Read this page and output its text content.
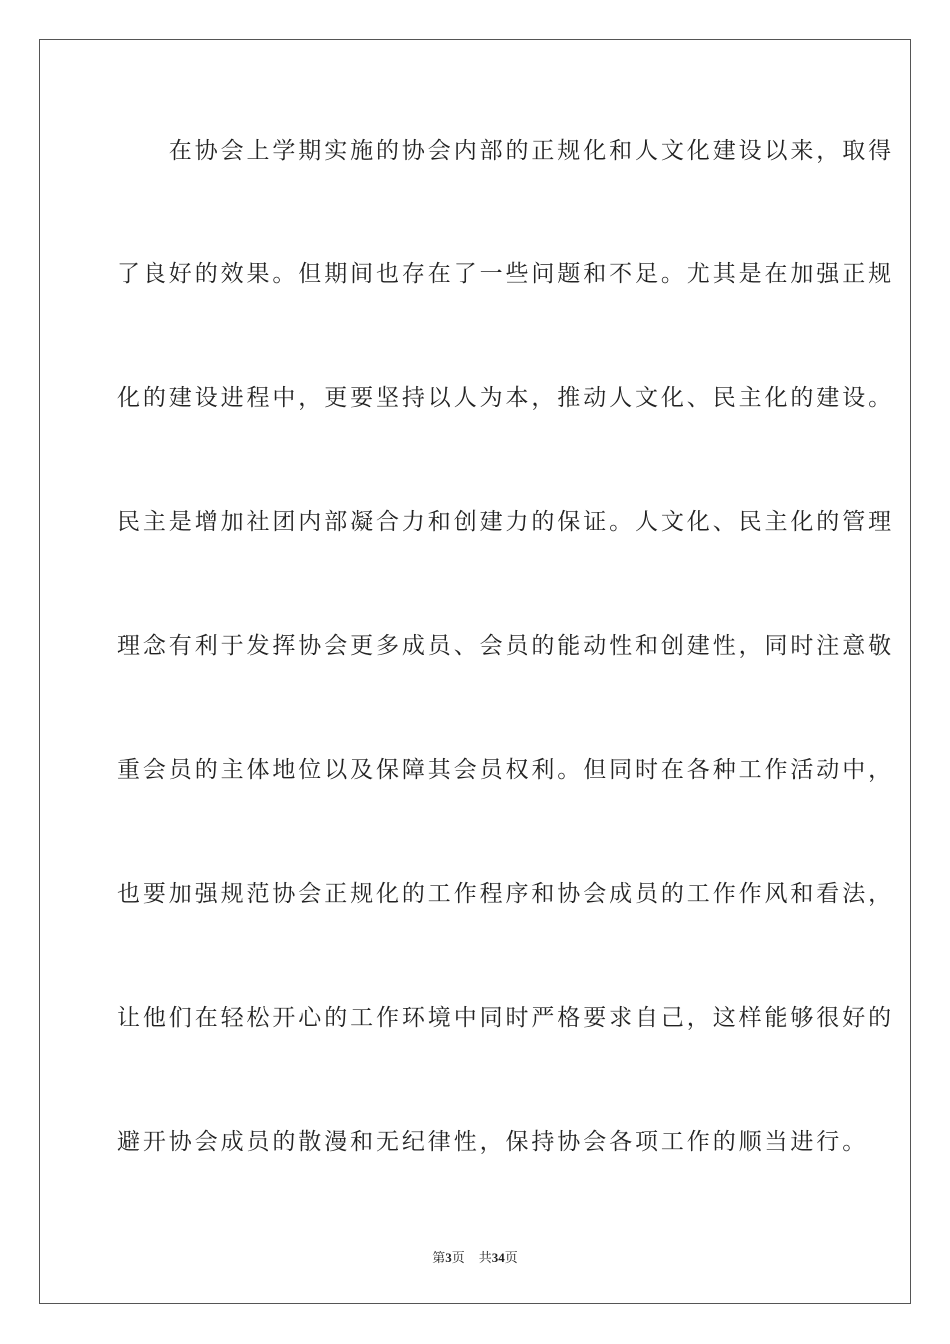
　　在协会上学期实施的协会内部的正规化和人文化建设以来，取得
了良好的效果。但期间也存在了一些问题和不足。尤其是在加强正规
化的建设进程中，更要坚持以人为本，推动人文化、民主化的建设。
民主是增加社团内部凝合力和创建力的保证。人文化、民主化的管理
理念有利于发挥协会更多成员、会员的能动性和创建性，同时注意敬
重会员的主体地位以及保障其会员权利。但同时在各种工作活动中，
也要加强规范协会正规化的工作程序和协会成员的工作作风和看法，
让他们在轻松开心的工作环境中同时严格要求自己，这样能够很好的
避开协会成员的散漫和无纪律性，保持协会各项工作的顺当进行。
第3页 共34页
